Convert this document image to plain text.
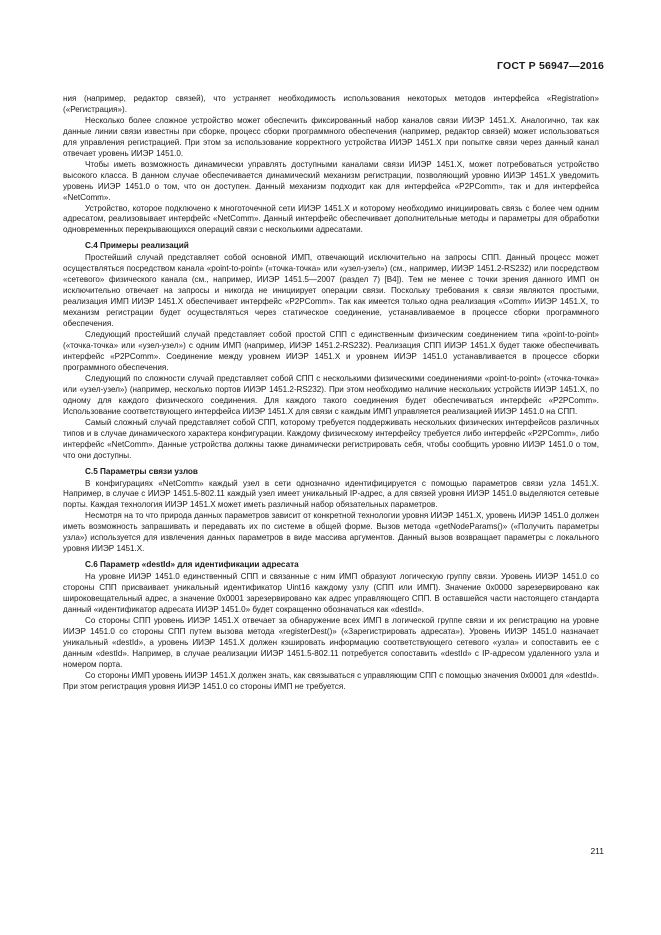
ГОСТ Р 56947—2016

ния (например, редактор связей), что устраняет необходимость использования некоторых методов интерфейса «Registration» («Регистрация»).

Несколько более сложное устройство может обеспечить фиксированный набор каналов связи ИИЭР 1451.X. Аналогично, так как данные линии связи известны при сборке, процесс сборки программного обеспечения (например, редактор связей) может использоваться для управления регистрацией. При этом за использование корректного устройства ИИЭР 1451.X при попытке связи через данный канал отвечает уровень ИИЭР 1451.0.

Чтобы иметь возможность динамически управлять доступными каналами связи ИИЭР 1451.X, может потребоваться устройство высокого класса. В данном случае обеспечивается динамический механизм регистрации, позволяющий уровню ИИЭР 1451.X уведомить уровень ИИЭР 1451.0 о том, что он доступен. Данный механизм подходит как для интерфейса «P2PComm», так и для интерфейса «NetComm».

Устройство, которое подключено к многоточечной сети ИИЭР 1451.X и которому необходимо инициировать связь с более чем одним адресатом, реализовывает интерфейс «NetComm». Данный интерфейс обеспечивает дополнительные методы и параметры для обработки одновременных перекрывающихся операций связи с несколькими адресатами.

С.4 Примеры реализаций

Простейший случай представляет собой основной ИМП, отвечающий исключительно на запросы СПП. Данный процесс может осуществляться посредством канала «point-to-point» («точка-точка» или «узел-узел») (см., например, ИИЭР 1451.2-RS232) или посредством «сетевого» физического канала (см., например, ИИЭР 1451.5—2007 (раздел 7) [В4]). Тем не менее с точки зрения данного ИМП он исключительно отвечает на запросы и никогда не инициирует операции связи. Поскольку требования к связи являются простыми, реализация ИМП ИИЭР 1451.X обеспечивает интерфейс «P2PComm». Так как имеется только одна реализация «Comm» ИИЭР 1451.X, то механизм регистрации будет осуществляться через статическое соединение, устанавливаемое в процессе сборки программного обеспечения.

Следующий простейший случай представляет собой простой СПП с единственным физическим соединением типа «point-to-point» («точка-точка» или «узел-узел») с одним ИМП (например, ИИЭР 1451.2-RS232). Реализация СПП ИИЭР 1451.X будет также обеспечивать интерфейс «P2PComm». Соединение между уровнем ИИЭР 1451.X и уровнем ИИЭР 1451.0 устанавливается в процессе сборки программного обеспечения.

Следующий по сложности случай представляет собой СПП с несколькими физическими соединениями «point-to-point» («точка-точка» или «узел-узел») (например, несколько портов ИИЭР 1451.2-RS232). При этом необходимо наличие нескольких устройств ИИЭР 1451.X, по одному для каждого физического соединения. Для каждого такого соединения будет обеспечиваться интерфейс «P2PComm». Использование соответствующего интерфейса ИИЭР 1451.X для связи с каждым ИМП управляется реализацией ИИЭР 1451.0 на СПП.

Самый сложный случай представляет собой СПП, которому требуется поддерживать нескольких физических интерфейсов различных типов и в случае динамического характера конфигурации. Каждому физическому интерфейсу требуется либо интерфейс «P2PComm», либо интерфейс «NetComm». Данные устройства должны также динамически регистрировать себя, чтобы сообщить уровню ИИЭР 1451.0 о том, что они доступны.

С.5 Параметры связи узлов

В конфигурациях «NetComm» каждый узел в сети однозначно идентифицируется с помощью параметров связи уzла 1451.X. Например, в случае с ИИЭР 1451.5-802.11 каждый узел имеет уникальный IP-адрес, а для связей уровня ИИЭР 1451.0 выделяются сетевые порты. Каждая технология ИИЭР 1451.X может иметь различный набор обязательных параметров.

Несмотря на то что природа данных параметров зависит от конкретной технологии уровня ИИЭР 1451.X, уровень ИИЭР 1451.0 должен иметь возможность запрашивать и передавать их по системе в общей форме. Вызов метода «getNodeParams()» («Получить параметры узла») используется для извлечения данных параметров в виде массива аргументов. Данный вызов возвращает параметры с локального уровня ИИЭР 1451.X.

С.6 Параметр «destId» для идентификации адресата

На уровне ИИЭР 1451.0 единственный СПП и связанные с ним ИМП образуют логическую группу связи. Уровень ИИЭР 1451.0 со стороны СПП присваивает уникальный идентификатор Uint16 каждому узлу (СПП или ИМП). Значение 0x0000 зарезервировано как широковещательный адрес, а значение 0x0001 зарезервировано как адрес управляющего СПП. В оставшейся части настоящего стандарта данный «идентификатор адресата ИИЭР 1451.0» будет сокращенно обозначаться как «destId».

Со стороны СПП уровень ИИЭР 1451.X отвечает за обнаружение всех ИМП в логической группе связи и их регистрацию на уровне ИИЭР 1451.0 со стороны СПП путем вызова метода «registerDest()» («Зарегистрировать адресата»). Уровень ИИЭР 1451.0 назначает уникальный «destId», а уровень ИИЭР 1451.X должен кэшировать информацию соответствующего сетевого «узла» и сопоставить ее с данным «destId». Например, в случае реализации ИИЭР 1451.5-802.11 потребуется сопоставить «destId» с IP-адресом удаленного узла и номером порта.

Со стороны ИМП уровень ИИЭР 1451.X должен знать, как связываться с управляющим СПП с помощью значения 0x0001 для «destId». При этом регистрация уровня ИИЭР 1451.0 со стороны ИМП не требуется.

211
